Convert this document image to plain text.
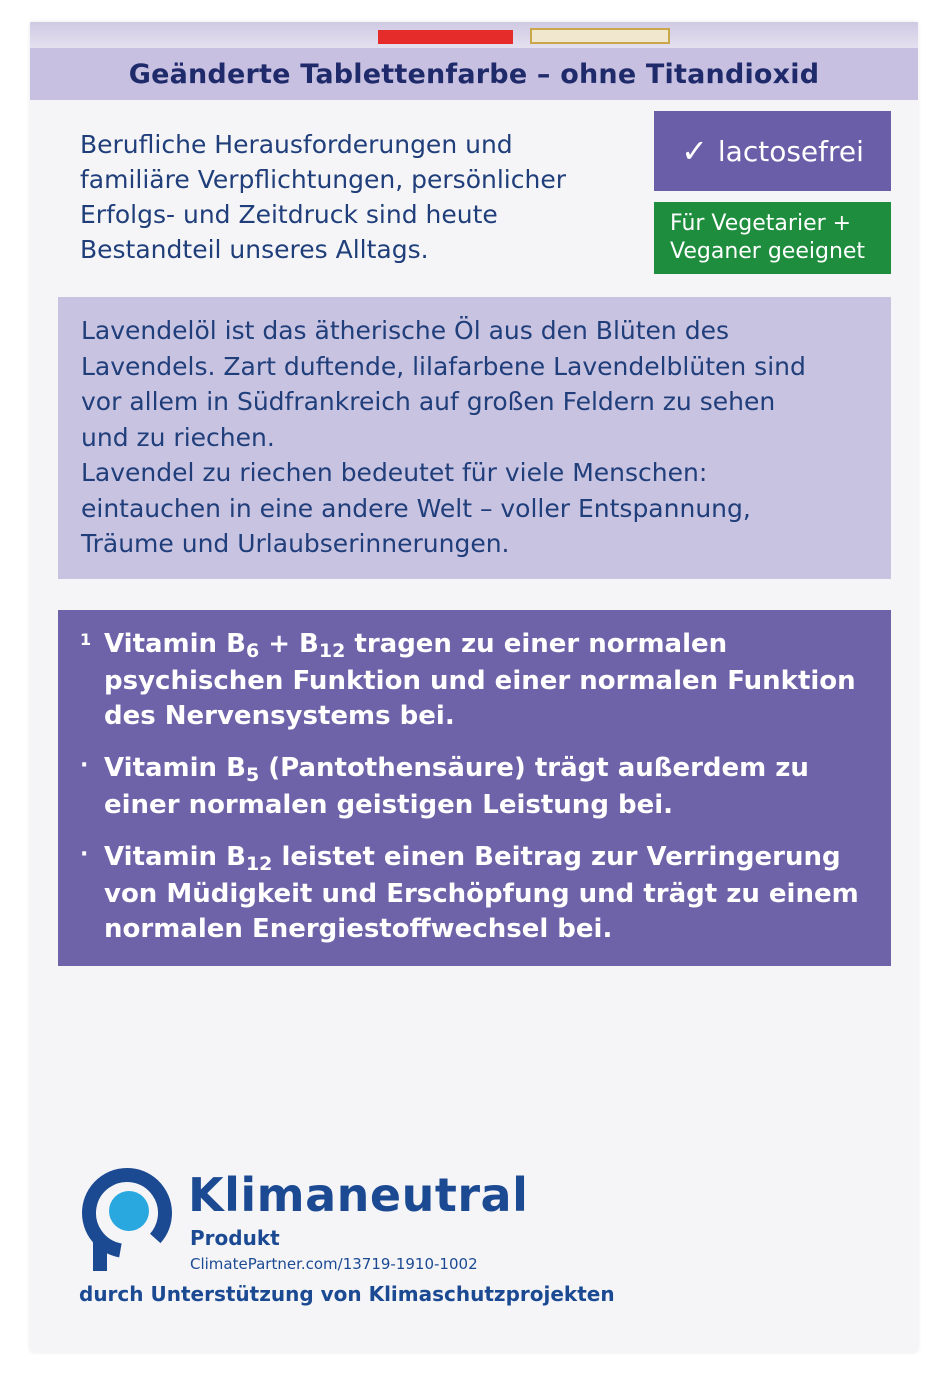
Geänderte Tablettenfarbe – ohne Titandioxid
Berufliche Herausforderungen und
familiäre Verpflichtungen, persönlicher
Erfolgs- und Zeitdruck sind heute
Bestandteil unseres Alltags.
✓ lactosefrei
Für Vegetarier +
Veganer geeignet
Lavendelöl ist das ätherische Öl aus den Blüten des
Lavendels. Zart duftende, lilafarbene Lavendelblüten sind
vor allem in Südfrankreich auf großen Feldern zu sehen
und zu riechen.
Lavendel zu riechen bedeutet für viele Menschen:
eintauchen in eine andere Welt – voller Entspannung,
Träume und Urlaubserinnerungen.
1 Vitamin B6 + B12 tragen zu einer normalen
psychischen Funktion und einer normalen Funktion
des Nervensystems bei.
· Vitamin B5 (Pantothensäure) trägt außerdem zu
einer normalen geistigen Leistung bei.
· Vitamin B12 leistet einen Beitrag zur Verringerung
von Müdigkeit und Erschöpfung und trägt zu einem
normalen Energiestoffwechsel bei.
Klimaneutral
Produkt
ClimatePartner.com/13719-1910-1002
durch Unterstützung von Klimaschutzprojekten
